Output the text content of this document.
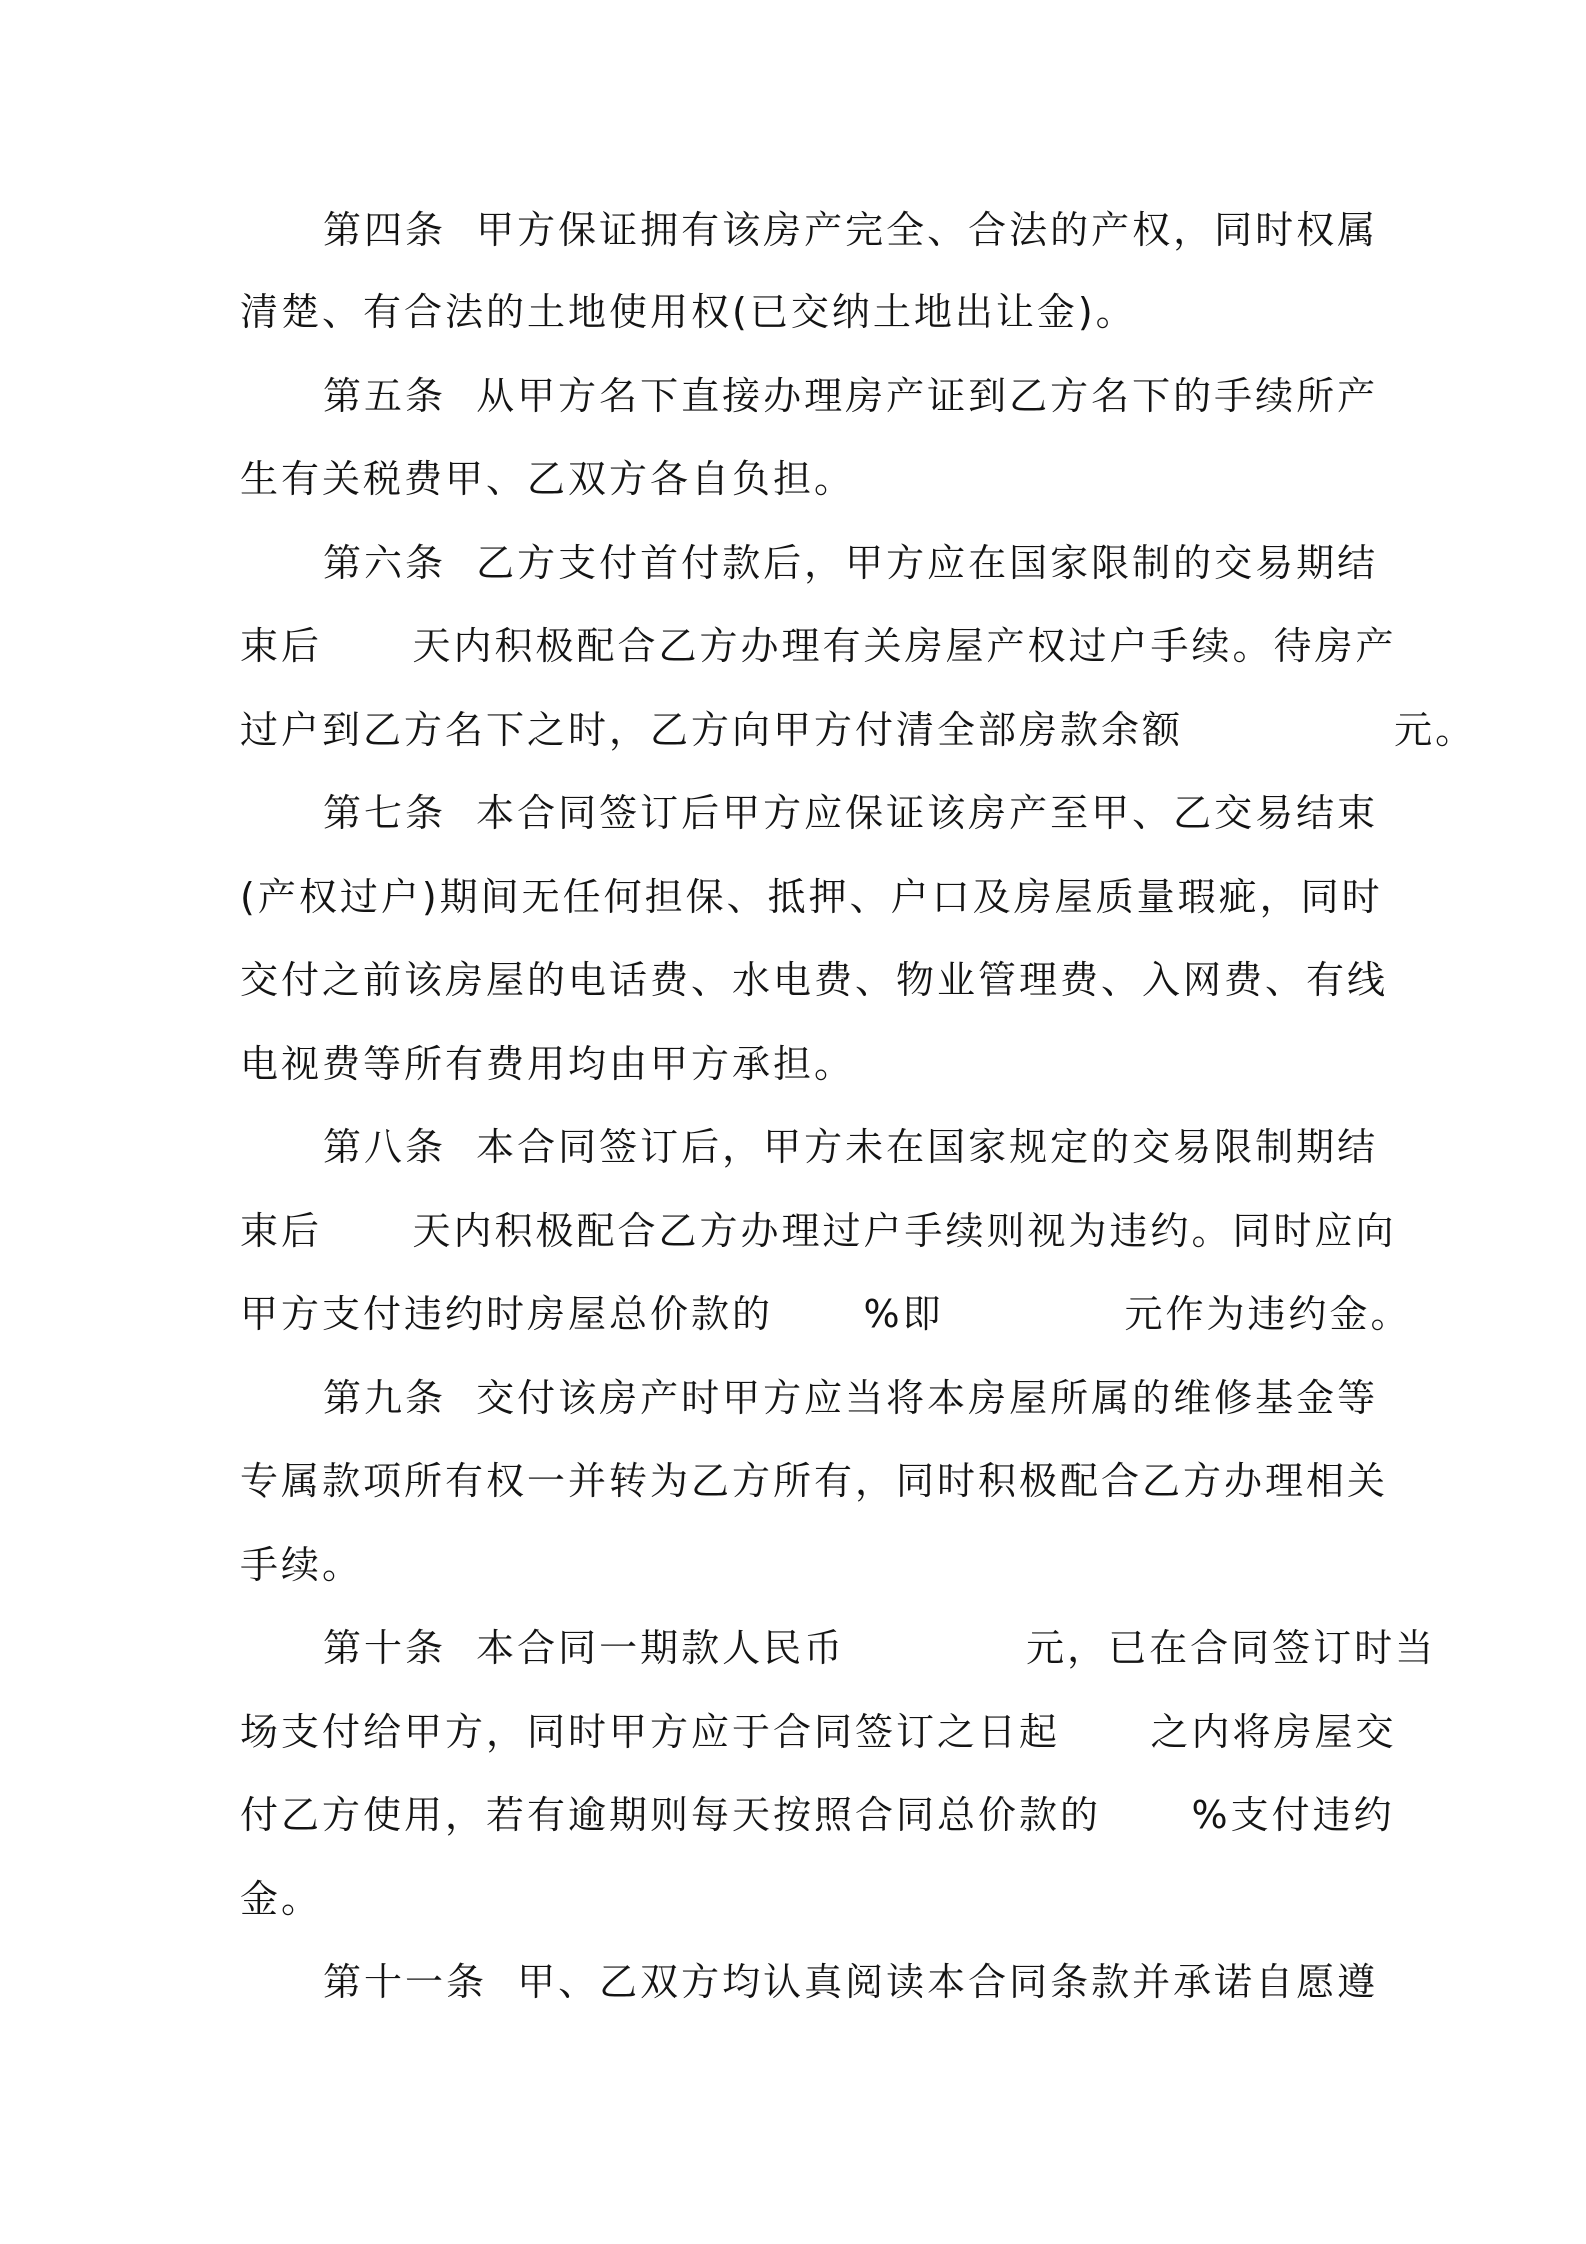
第四条  甲方保证拥有该房产完全、合法的产权，同时权属
清楚、有合法的土地使用权(已交纳土地出让金)。
第五条  从甲方名下直接办理房产证到乙方名下的手续所产
生有关税费甲、乙双方各自负担。
第六条  乙方支付首付款后，甲方应在国家限制的交易期结
束后      天内积极配合乙方办理有关房屋产权过户手续。待房产
过户到乙方名下之时，乙方向甲方付清全部房款余额              元。
第七条  本合同签订后甲方应保证该房产至甲、乙交易结束
(产权过户)期间无任何担保、抵押、户口及房屋质量瑕疵，同时
交付之前该房屋的电话费、水电费、物业管理费、入网费、有线
电视费等所有费用均由甲方承担。
第八条  本合同签订后，甲方未在国家规定的交易限制期结
束后      天内积极配合乙方办理过户手续则视为违约。同时应向
甲方支付违约时房屋总价款的      %即            元作为违约金。
第九条  交付该房产时甲方应当将本房屋所属的维修基金等
专属款项所有权一并转为乙方所有，同时积极配合乙方办理相关
手续。
第十条  本合同一期款人民币            元，已在合同签订时当
场支付给甲方，同时甲方应于合同签订之日起      之内将房屋交
付乙方使用，若有逾期则每天按照合同总价款的      %支付违约
金。
第十一条  甲、乙双方均认真阅读本合同条款并承诺自愿遵
